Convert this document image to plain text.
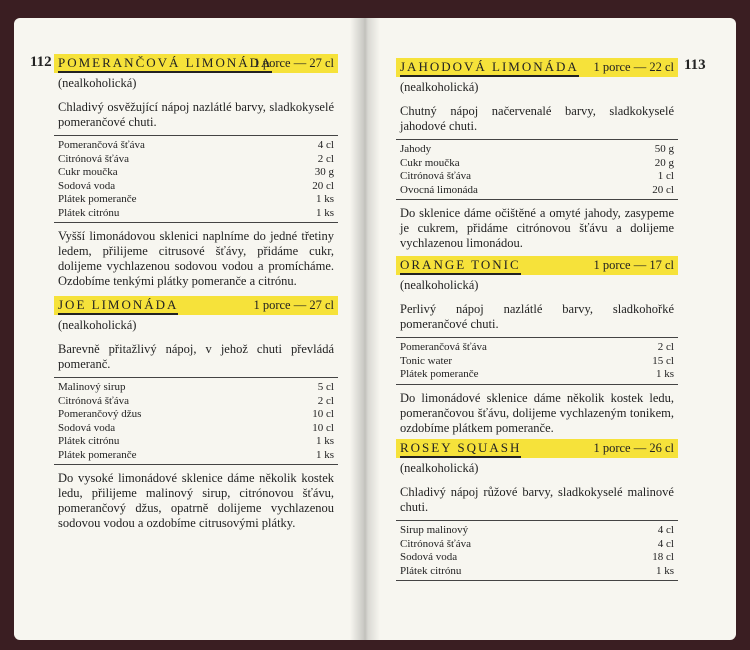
112	113
POMERANČOVÁ LIMONÁDA
1 porce — 27 cl
(nealkoholická)
Chladivý osvěžující nápoj nazlátlé barvy, sladkokyselé pomerančové chuti.
Pomerančová šťáva	4 cl
Citrónová šťáva	2 cl
Cukr moučka	30 g
Sodová voda	20 cl
Plátek pomeranče	1 ks
Plátek citrónu	1 ks
Vyšší limonádovou sklenici naplníme do jedné třetiny ledem, přilijeme citrusové šťávy, přidáme cukr, dolijeme vychlazenou sodovou vodou a promícháme. Ozdobíme tenkými plátky pomeranče a citrónu.
JOE LIMONÁDA	1 porce — 27 cl
(nealkoholická)
Barevně přitažlivý nápoj, v jehož chuti převládá pomeranč.
Malinový sirup	5 cl
Citrónová šťáva	2 cl
Pomerančový džus	10 cl
Sodová voda	10 cl
Plátek citrónu	1 ks
Plátek pomeranče	1 ks
Do vysoké limonádové sklenice dáme několik kostek ledu, přilijeme malinový sirup, citrónovou šťávu, pomerančový džus, opatrně dolijeme vychlazenou sodovou vodou a ozdobíme citrusovými plátky.
JAHODOVÁ LIMONÁDA 1 porce — 22 cl
(nealkoholická)
Chutný nápoj načervenalé barvy, sladkokyselé jahodové chuti.
Jahody	50 g
Cukr moučka	20 g
Citrónová šťáva	1 cl
Ovocná limonáda	20 cl
Do sklenice dáme očištěné a omyté jahody, zasypeme je cukrem, přidáme citrónovou šťávu a dolijeme vychlazenou limonádou.
ORANGE TONIC	1 porce — 17 cl
(nealkoholická)
Perlivý nápoj nazlátlé barvy, sladkohořké pomerančové chuti.
Pomerančová šťáva	2 cl
Tonic water	15 cl
Plátek pomeranče	1 ks
Do limonádové sklenice dáme několik kostek ledu, pomerančovou šťávu, dolijeme vychlazeným tonikem, ozdobíme plátkem pomeranče.
ROSEY SQUASH	1 porce — 26 cl
(nealkoholická)
Chladivý nápoj růžové barvy, sladkokyselé malinové chuti.
Sirup malinový	4 cl
Citrónová šťáva	4 cl
Sodová voda	18 cl
Plátek citrónu	1 ks
